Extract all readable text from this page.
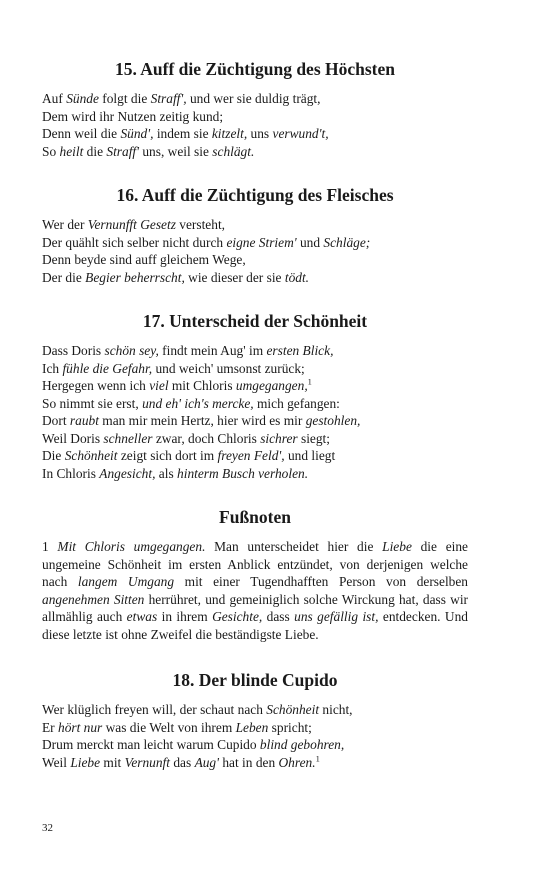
15. Auff die Züchtigung des Höchsten
Auf Sünde folgt die Straff', und wer sie duldig trägt,
Dem wird ihr Nutzen zeitig kund;
Denn weil die Sünd', indem sie kitzelt, uns verwund't,
So heilt die Straff' uns, weil sie schlägt.
16. Auff die Züchtigung des Fleisches
Wer der Vernunfft Gesetz versteht,
Der quählt sich selber nicht durch eigne Striem' und Schläge;
Denn beyde sind auff gleichem Wege,
Der die Begier beherrscht, wie dieser der sie tödt.
17. Unterscheid der Schönheit
Dass Doris schön sey, findt mein Aug' im ersten Blick,
Ich fühle die Gefahr, und weich' umsonst zurück;
Hergegen wenn ich viel mit Chloris umgegangen,$^1$
So nimmt sie erst, und eh' ich's mercke, mich gefangen:
Dort raubt man mir mein Hertz, hier wird es mir gestohlen,
Weil Doris schneller zwar, doch Chloris sichrer siegt;
Die Schönheit zeigt sich dort im freyen Feld', und liegt
In Chloris Angesicht, als hinterm Busch verholen.
Fußnoten
1 Mit Chloris umgegangen. Man unterscheidet hier die Liebe die eine ungemeine Schönheit im ersten Anblick entzündet, von derjenigen welche nach langem Umgang mit einer Tugendhafften Person von derselben angenehmen Sitten herrühret, und gemeiniglich solche Wirckung hat, dass wir allmählig auch etwas in ihrem Gesichte, dass uns gefällig ist, entdecken. Und diese letzte ist ohne Zweifel die beständigste Liebe.
18. Der blinde Cupido
Wer klüglich freyen will, der schaut nach Schönheit nicht,
Er hört nur was die Welt von ihrem Leben spricht;
Drum merckt man leicht warum Cupido blind gebohren,
Weil Liebe mit Vernunft das Aug' hat in den Ohren.$^1$
32
